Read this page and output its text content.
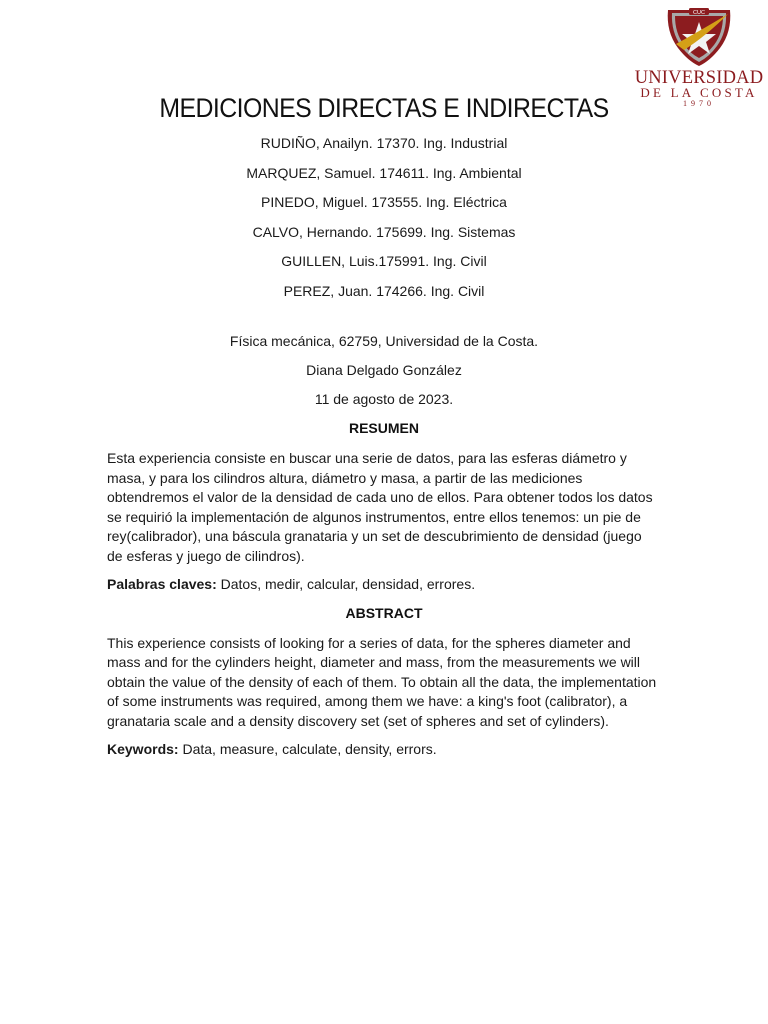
CUC
UNIVERSIDAD
DE LA COSTA
1970
MEDICIONES DIRECTAS E INDIRECTAS
RUDIÑO, Anailyn. 17370. Ing. Industrial
MARQUEZ, Samuel. 174611. Ing. Ambiental
PINEDO, Miguel. 173555. Ing. Eléctrica
CALVO, Hernando. 175699. Ing. Sistemas
GUILLEN, Luis.175991. Ing. Civil
PEREZ, Juan. 174266. Ing. Civil
Física mecánica, 62759, Universidad de la Costa.
Diana Delgado González
11 de agosto de 2023.
RESUMEN

Esta experiencia consiste en buscar una serie de datos, para las esferas diámetro y masa, y para los cilindros altura, diámetro y masa, a partir de las mediciones obtendremos el valor de la densidad de cada uno de ellos. Para obtener todos los datos se requirió la implementación de algunos instrumentos, entre ellos tenemos: un pie de rey(calibrador), una báscula granataria y un set de descubrimiento de densidad (juego de esferas y juego de cilindros).

Palabras claves: Datos, medir, calcular, densidad, errores.
ABSTRACT

This experience consists of looking for a series of data, for the spheres diameter and mass and for the cylinders height, diameter and mass, from the measurements we will obtain the value of the density of each of them. To obtain all the data, the implementation of some instruments was required, among them we have: a king's foot (calibrator), a granataria scale and a density discovery set (set of spheres and set of cylinders).

Keywords: Data, measure, calculate, density, errors.
